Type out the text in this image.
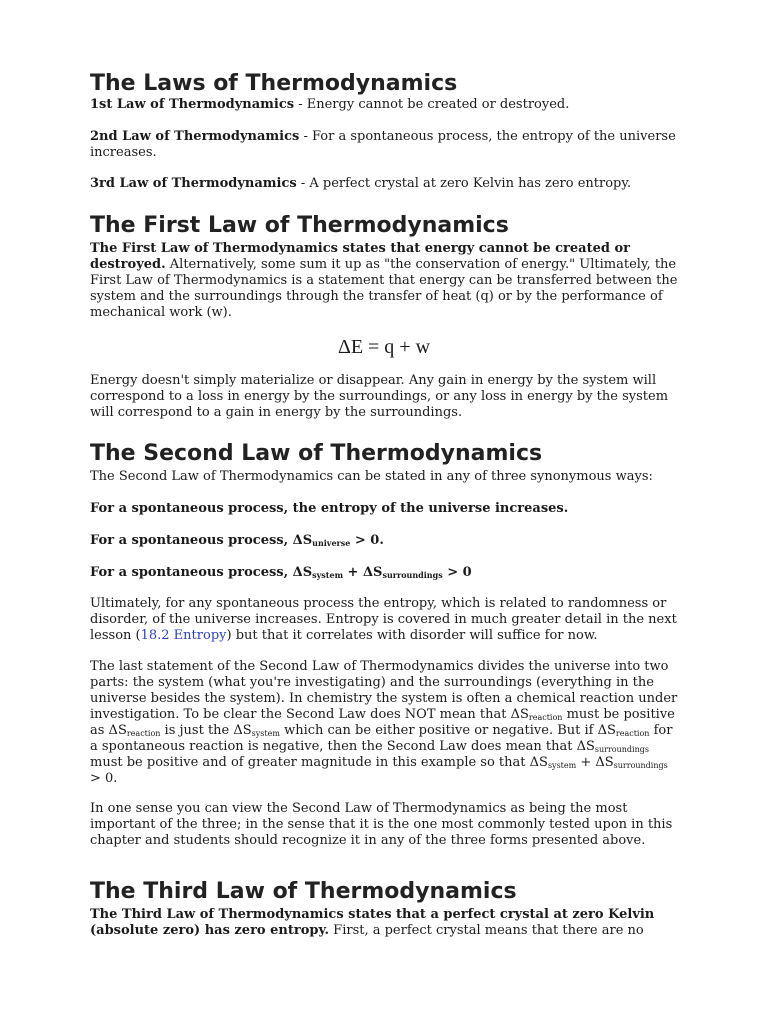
The Laws of Thermodynamics

1st Law of Thermodynamics - Energy cannot be created or destroyed.

2nd Law of Thermodynamics - For a spontaneous process, the entropy of the universe increases.

3rd Law of Thermodynamics - A perfect crystal at zero Kelvin has zero entropy.

The First Law of Thermodynamics

The First Law of Thermodynamics states that energy cannot be created or destroyed. Alternatively, some sum it up as "the conservation of energy." Ultimately, the First Law of Thermodynamics is a statement that energy can be transferred between the system and the surroundings through the transfer of heat (q) or by the performance of mechanical work (w).

ΔE = q + w

Energy doesn't simply materialize or disappear. Any gain in energy by the system will correspond to a loss in energy by the surroundings, or any loss in energy by the system will correspond to a gain in energy by the surroundings.

The Second Law of Thermodynamics

The Second Law of Thermodynamics can be stated in any of three synonymous ways:

For a spontaneous process, the entropy of the universe increases.

For a spontaneous process, $\Delta S_{universe} > 0$.

For a spontaneous process, $\Delta S_{system} + \Delta S_{surroundings} > 0$

Ultimately, for any spontaneous process the entropy, which is related to randomness or disorder, of the universe increases. Entropy is covered in much greater detail in the next lesson (18.2 Entropy) but that it correlates with disorder will suffice for now.

The last statement of the Second Law of Thermodynamics divides the universe into two parts: the system (what you're investigating) and the surroundings (everything in the universe besides the system). In chemistry the system is often a chemical reaction under investigation. To be clear the Second Law does NOT mean that $\Delta S_{reaction}$ must be positive as $\Delta S_{reaction}$ is just the $\Delta S_{system}$ which can be either positive or negative. But if $\Delta S_{reaction}$ for a spontaneous reaction is negative, then the Second Law does mean that $\Delta S_{surroundings}$ must be positive and of greater magnitude in this example so that $\Delta S_{system} + \Delta S_{surroundings} > 0$.

In one sense you can view the Second Law of Thermodynamics as being the most important of the three; in the sense that it is the one most commonly tested upon in this chapter and students should recognize it in any of the three forms presented above.

The Third Law of Thermodynamics

The Third Law of Thermodynamics states that a perfect crystal at zero Kelvin (absolute zero) has zero entropy. First, a perfect crystal means that there are no
